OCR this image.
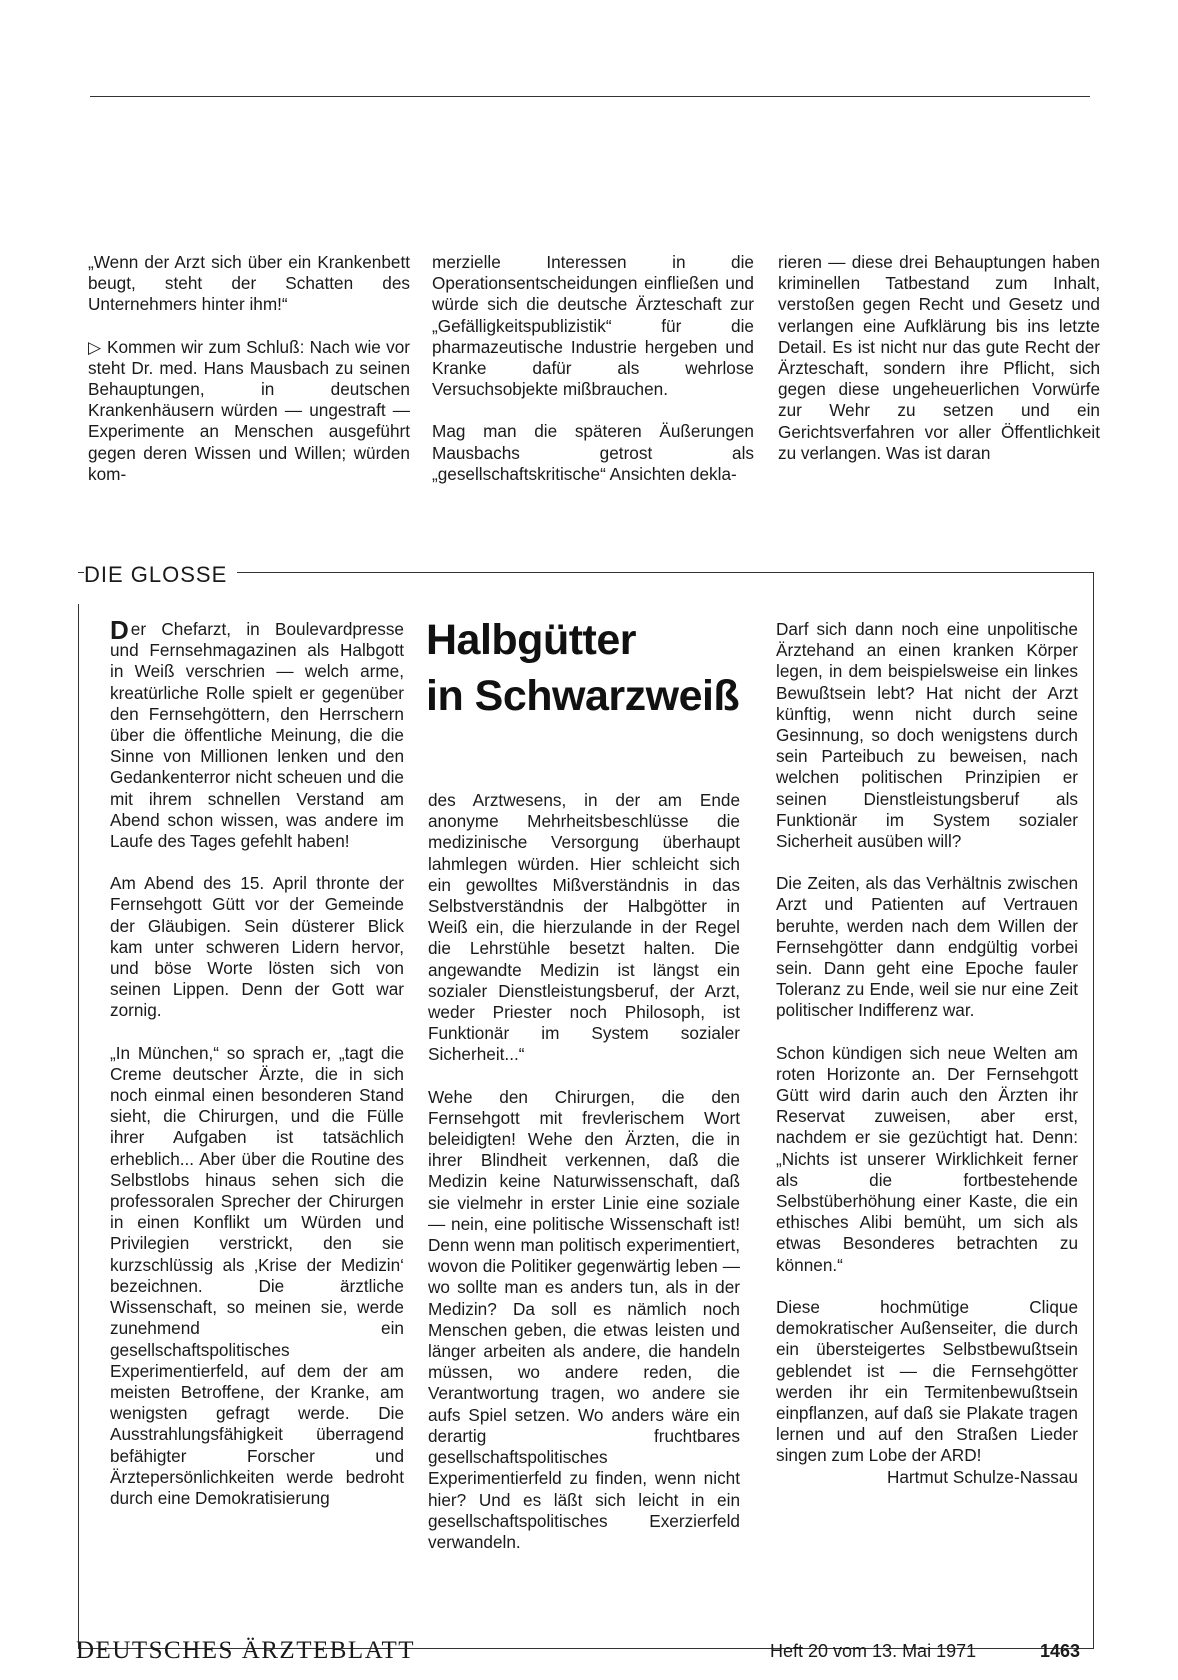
„Wenn der Arzt sich über ein Krankenbett beugt, steht der Schatten des Unternehmers hinter ihm!“

▷ Kommen wir zum Schluß: Nach wie vor steht Dr. med. Hans Mausbach zu seinen Behauptungen, in deutschen Krankenhäusern würden — ungestraft — Experimente an Menschen ausgeführt gegen deren Wissen und Willen; würden kom-

merzielle Interessen in die Operationsentscheidungen einfließen und würde sich die deutsche Ärzteschaft zur „Gefälligkeitspublizistik“ für die pharmazeutische Industrie hergeben und Kranke dafür als wehrlose Versuchsobjekte mißbrauchen.

Mag man die späteren Äußerungen Mausbachs getrost als „gesellschaftskritische“ Ansichten dekla-

rieren — diese drei Behauptungen haben kriminellen Tatbestand zum Inhalt, verstoßen gegen Recht und Gesetz und verlangen eine Aufklärung bis ins letzte Detail. Es ist nicht nur das gute Recht der Ärzteschaft, sondern ihre Pflicht, sich gegen diese ungeheuerlichen Vorwürfe zur Wehr zu setzen und ein Gerichtsverfahren vor aller Öffentlichkeit zu verlangen. Was ist daran

DIE GLOSSE
Halbgütter
in Schwarzweiß

Der Chefarzt, in Boulevardpresse und Fernsehmagazinen als Halbgott in Weiß verschrien — welch arme, kreatürliche Rolle spielt er gegenüber den Fernsehgöttern, den Herrschern über die öffentliche Meinung, die die Sinne von Millionen lenken und den Gedankenterror nicht scheuen und die mit ihrem schnellen Verstand am Abend schon wissen, was andere im Laufe des Tages gefehlt haben!

Am Abend des 15. April thronte der Fernsehgott Gütt vor der Gemeinde der Gläubigen. Sein düsterer Blick kam unter schweren Lidern hervor, und böse Worte lösten sich von seinen Lippen. Denn der Gott war zornig.

„In München,“ so sprach er, „tagt die Creme deutscher Ärzte, die in sich noch einmal einen besonderen Stand sieht, die Chirurgen, und die Fülle ihrer Aufgaben ist tatsächlich erheblich... Aber über die Routine des Selbstlobs hinaus sehen sich die professoralen Sprecher der Chirurgen in einen Konflikt um Würden und Privilegien verstrickt, den sie kurzschlüssig als ‚Krise der Medizin‘ bezeichnen. Die ärztliche Wissenschaft, so meinen sie, werde zunehmend ein gesellschaftspolitisches Experimentierfeld, auf dem der am meisten Betroffene, der Kranke, am wenigsten gefragt werde. Die Ausstrahlungsfähigkeit überragend befähigter Forscher und Ärztepersönlichkeiten werde bedroht durch eine Demokratisierung

des Arztwesens, in der am Ende anonyme Mehrheitsbeschlüsse die medizinische Versorgung überhaupt lahmlegen würden. Hier schleicht sich ein gewolltes Mißverständnis in das Selbstverständnis der Halbgötter in Weiß ein, die hierzulande in der Regel die Lehrstühle besetzt halten. Die angewandte Medizin ist längst ein sozialer Dienstleistungsberuf, der Arzt, weder Priester noch Philosoph, ist Funktionär im System sozialer Sicherheit...“

Wehe den Chirurgen, die den Fernsehgott mit frevlerischem Wort beleidigten! Wehe den Ärzten, die in ihrer Blindheit verkennen, daß die Medizin keine Naturwissenschaft, daß sie vielmehr in erster Linie eine soziale — nein, eine politische Wissenschaft ist! Denn wenn man politisch experimentiert, wovon die Politiker gegenwärtig leben — wo sollte man es anders tun, als in der Medizin? Da soll es nämlich noch Menschen geben, die etwas leisten und länger arbeiten als andere, die handeln müssen, wo andere reden, die Verantwortung tragen, wo andere sie aufs Spiel setzen. Wo anders wäre ein derartig fruchtbares gesellschaftspolitisches Experimentierfeld zu finden, wenn nicht hier? Und es läßt sich leicht in ein gesellschaftspolitisches Exerzierfeld verwandeln.

Darf sich dann noch eine unpolitische Ärztehand an einen kranken Körper legen, in dem beispielsweise ein linkes Bewußtsein lebt? Hat nicht der Arzt künftig, wenn nicht durch seine Gesinnung, so doch wenigstens durch sein Parteibuch zu beweisen, nach welchen politischen Prinzipien er seinen Dienstleistungsberuf als Funktionär im System sozialer Sicherheit ausüben will?

Die Zeiten, als das Verhältnis zwischen Arzt und Patienten auf Vertrauen beruhte, werden nach dem Willen der Fernsehgötter dann endgültig vorbei sein. Dann geht eine Epoche fauler Toleranz zu Ende, weil sie nur eine Zeit politischer Indifferenz war.

Schon kündigen sich neue Welten am roten Horizonte an. Der Fernsehgott Gütt wird darin auch den Ärzten ihr Reservat zuweisen, aber erst, nachdem er sie gezüchtigt hat. Denn: „Nichts ist unserer Wirklichkeit ferner als die fortbestehende Selbstüberhöhung einer Kaste, die ein ethisches Alibi bemüht, um sich als etwas Besonderes betrachten zu können.“

Diese hochmütige Clique demokratischer Außenseiter, die durch ein übersteigertes Selbstbewußtsein geblendet ist — die Fernsehgötter werden ihr ein Termitenbewußtsein einpflanzen, auf daß sie Plakate tragen lernen und auf den Straßen Lieder singen zum Lobe der ARD!

Hartmut Schulze-Nassau
DEUTSCHES ÄRZTEBLATT	Heft 20 vom 13. Mai 1971	1463
